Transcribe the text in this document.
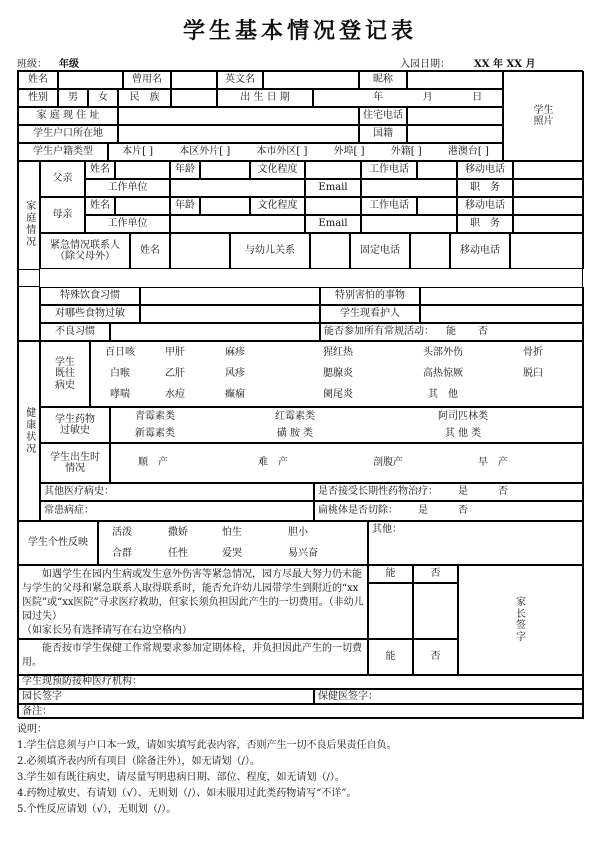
学生基本情况登记表
班级： 年级	入园日期： XX 年 XX 月
姓名	曾用名	英文名	昵称
学生
照片
性别	男	女	民　族	出 生 日 期	年	月	日
家 庭 现 住 址	住宅电话
学生户口所在地	国籍
学生户籍类型	本片[ ]	本区外片[ ]	本市外区[ ]	外埠[ ]	外籍[ ]	港澳台[ ]
家庭情况
父亲
姓名	年龄	文化程度	工作电话	移动电话
工作单位	Email	职　务
母亲
姓名	年龄	文化程度	工作电话	移动电话
工作单位	Email	职　务
紧急情况联系人
（除父母外）
姓名	与幼儿关系	固定电话	移动电话
特殊饮食习惯	特别害怕的事物
对哪些食物过敏	学生现看护人
不良习惯	能否参加所有常规活动： 能 否
健康状况
学生
既往
病史
百日咳	甲肝	麻疹	猩红热	头部外伤	骨折
白喉	乙肝	风疹	腮腺炎	高热惊厥	脱臼
哮喘	水痘	癫痫	阑尾炎	其　他
学生药物
过敏史
青霉素类	红霉素类	阿司匹林类
新霉素类	磺 胺 类	其 他 类
学生出生时
情况
顺　产	难　产	剖腹产	早　产
其他医疗病史：	是否接受长期性药物治疗： 是	否
常患病症：	扁桃体是否切除： 是	否
学生个性反映
活泼	撒娇	怕生	胆小
合群	任性	爱哭	易兴奋
其他：
　　如遇学生在园内生病或发生意外伤害等紧急情况，园方尽最大努力仍未能与学生的父母和紧急联系人取得联系时，能否允许幼儿园带学生到附近的“xx医院”或“xx医院”寻求医疗救助，但家长须负担因此产生的一切费用。（非幼儿园过失）
（如家长另有选择请写在右边空格内）
能	否
家
长
签
字
　　能否按市学生保健工作常规要求参加定期体检，并负担因此产生的一切费用。
能	否
学生现预防接种医疗机构：
园长签字	保健医签字：
备注：
说明：
1.学生信息须与户口本一致，请如实填写此表内容，否则产生一切不良后果责任自负。
2.必须填齐表内所有项目（除备注外），如无请划（/）。
3.学生如有既往病史，请尽量写明患病日期、部位、程度，如无请划（/）。
4.药物过敏史、有请划（√）、无则划（/）、如未服用过此类药物请写“不详”。
5.个性反应请划（√），无则划（/）。
